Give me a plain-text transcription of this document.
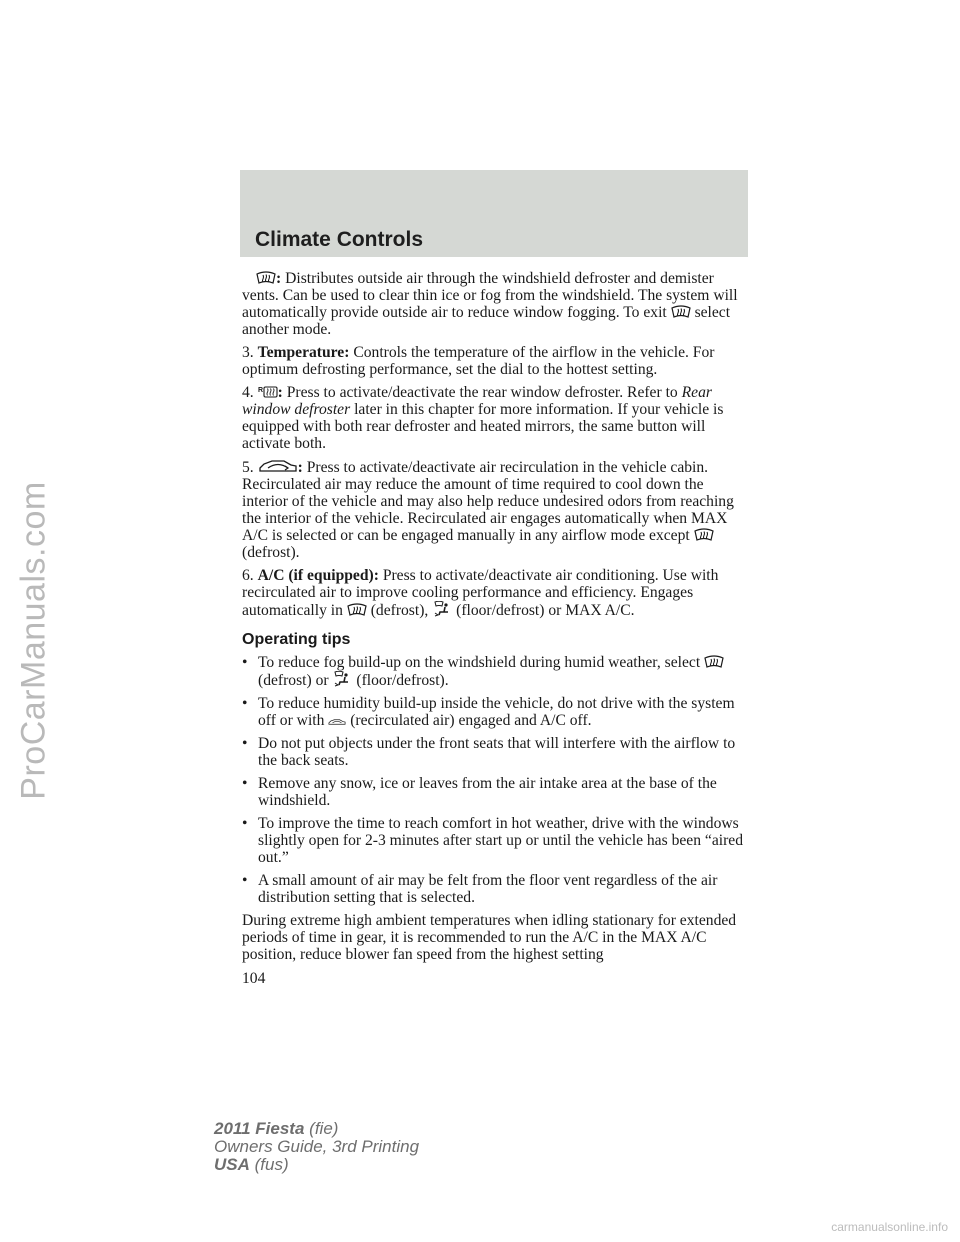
ProCarManuals.com
Climate Controls

: Distributes outside air through the windshield defroster and demister vents. Can be used to clear thin ice or fog from the windshield. The system will automatically provide outside air to reduce window fogging. To exit select another mode.

3. Temperature: Controls the temperature of the airflow in the vehicle. For optimum defrosting performance, set the dial to the hottest setting.

4. R : Press to activate/deactivate the rear window defroster. Refer to Rear window defroster later in this chapter for more information. If your vehicle is equipped with both rear defroster and heated mirrors, the same button will activate both.

5.	: Press to activate/deactivate air recirculation in the vehicle cabin. Recirculated air may reduce the amount of time required to cool down the interior of the vehicle and may also help reduce undesired odors from reaching the interior of the vehicle. Recirculated air engages automatically when MAX A/C is selected or can be engaged manually in any airflow mode except
(defrost).

6. A/C (if equipped): Press to activate/deactivate air conditioning. Use with recirculated air to improve cooling performance and efficiency. Engages automatically in (defrost), (floor/defrost) or MAX A/C.

Operating tips
• To reduce fog build-up on the windshield during humid weather, select
(defrost) or (floor/defrost).
• To reduce humidity build-up inside the vehicle, do not drive with the system off or with (recirculated air) engaged and A/C off.
• Do not put objects under the front seats that will interfere with the airflow to the back seats.
• Remove any snow, ice or leaves from the air intake area at the base of the windshield.
• To improve the time to reach comfort in hot weather, drive with the windows slightly open for 2-3 minutes after start up or until the vehicle has been “aired out.”
• A small amount of air may be felt from the floor vent regardless of the air distribution setting that is selected.

During extreme high ambient temperatures when idling stationary for extended periods of time in gear, it is recommended to run the A/C in the MAX A/C position, reduce blower fan speed from the highest setting

104
2011 Fiesta (fie)
Owners Guide, 3rd Printing
USA (fus)
carmanualsonline.info
